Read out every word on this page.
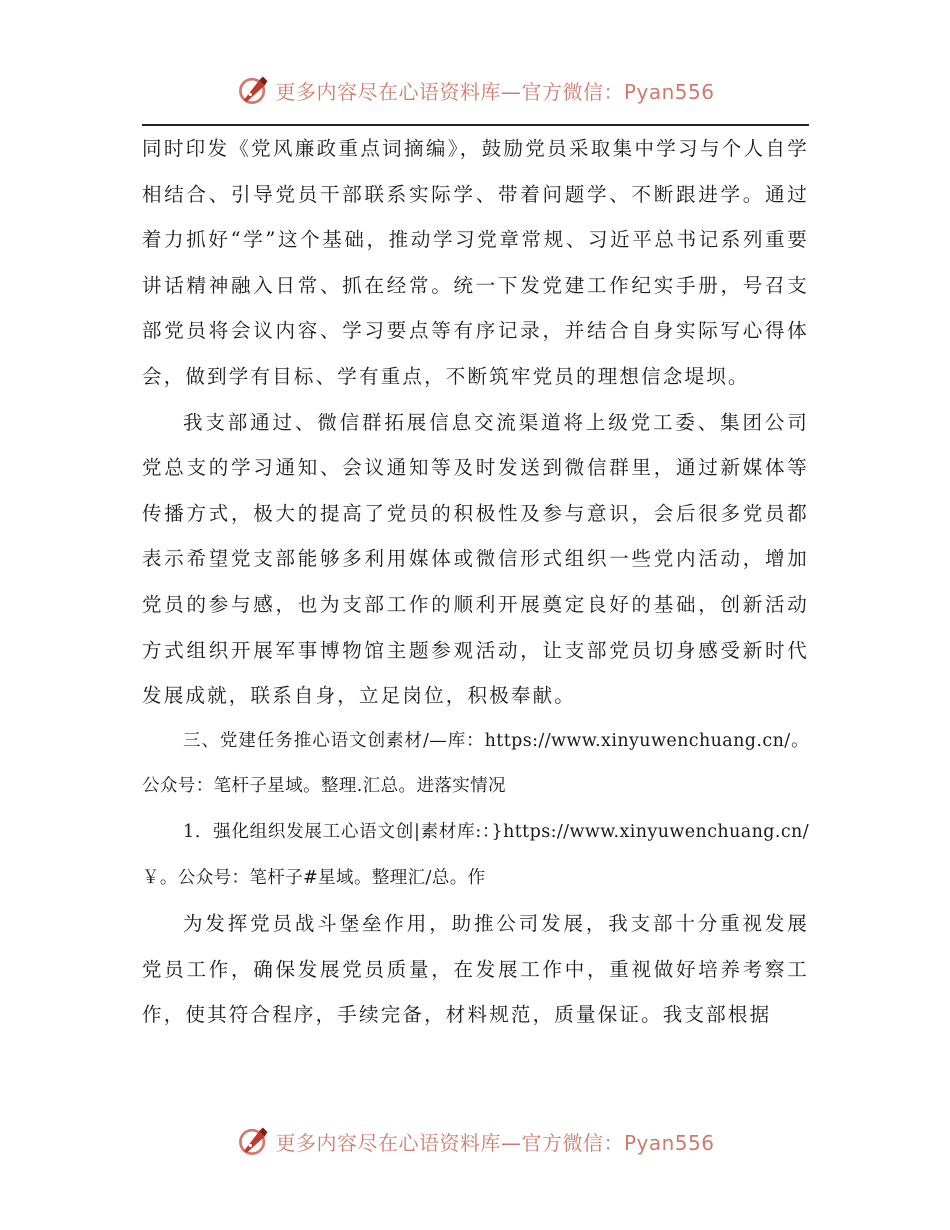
更多内容尽在心语资料库—官方微信：Pyan556

同时印发《党风廉政重点词摘编》，鼓励党员采取集中学习与个人自学相结合、引导党员干部联系实际学、带着问题学、不断跟进学。通过着力抓好“学”这个基础，推动学习党章常规、习近平总书记系列重要讲话精神融入日常、抓在经常。统一下发党建工作纪实手册，号召支部党员将会议内容、学习要点等有序记录，并结合自身实际写心得体会，做到学有目标、学有重点，不断筑牢党员的理想信念堤坝。

我支部通过、微信群拓展信息交流渠道将上级党工委、集团公司党总支的学习通知、会议通知等及时发送到微信群里，通过新媒体等传播方式，极大的提高了党员的积极性及参与意识，会后很多党员都表示希望党支部能够多利用媒体或微信形式组织一些党内活动，增加党员的参与感，也为支部工作的顺利开展奠定良好的基础，创新活动方式组织开展军事博物馆主题参观活动，让支部党员切身感受新时代发展成就，联系自身，立足岗位，积极奉献。

三、党建任务推心语文创素材/—库：https://www.xinyuwenchuang.cn/。公众号：笔杆子星域。整理.汇总。进落实情况

1．强化组织发展工心语文创|素材库:：}https://www.xinyuwenchuang.cn/￥。公众号：笔杆子#星域。整理汇/总。作

为发挥党员战斗堡垒作用，助推公司发展，我支部十分重视发展党员工作，确保发展党员质量，在发展工作中，重视做好培养考察工作，使其符合程序，手续完备，材料规范，质量保证。我支部根据

更多内容尽在心语资料库—官方微信：Pyan556
